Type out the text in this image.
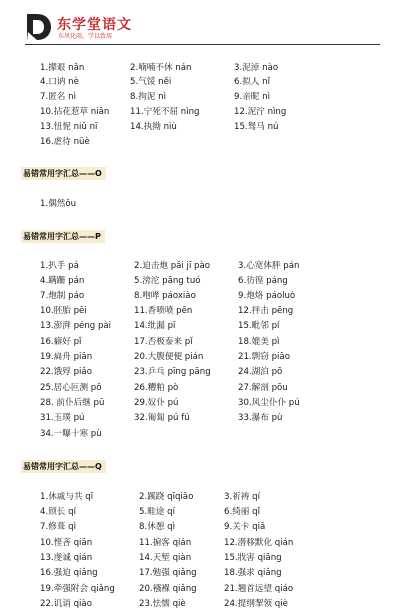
东学堂语文
东风化雨，学以致用
1.撵艰 nǎn	2.喃喃不休 nán	3.泥淖 nào
4.口讷 nè	5.气馁 něi	6.拟人 nǐ
7.匿名 nì	8.拘泥 nì	9.亲昵 nì
10.拈花惹草 niān 11.宁死不屈 nìng	12.泥泞 nìng
13.忸怩 niǔ nī	14.执拗 niù	15.驽马 nú
16.虐待 nüè
易错常用字汇总——O
1.偶然ǒu
易错常用字汇总——P
1.扒手 pá	2.迫击炮 pǎi jī pào	3.心宽体胖 pán
4.蹒跚 pán	5.滂沱 pāng tuó	6.彷徨 páng
7.炮制 páo	8.咆哮 páoxiào	9.炮烙 páoluò
10.胚胎 pēi	11.香喷喷 pēn	12.抨击 pēng
13.澎湃 péng pài	14.纰漏 pī	15.毗邻 pí
16.癖好 pǐ	17.否极泰来 pǐ	18.媲美 pì
19.扁舟 piān	20.大腹便便 pián	21.剽窃 piāo
22.饿殍 piǎo	23.乒乓 pīng pāng	24.湖泊 pō
25.居心叵测 pǒ	26.糟粕 pò	27.解剖 pōu
28. 前仆后继 pū	29.奴仆 pú	30.风尘仆仆 pú
31.玉璞 pú	32.匍匐 pú fú	33.瀑布 pù
34.一曝十寒 pù
易错常用字汇总——Q
1.休戚与共 qī	2.蹊跷 qīqiāo	3.祈祷 qí
4.颀长 qí	5.畦途 qí	6.绮丽 qǐ
7.修葺 qì	8.休憩 qì	9.关卡 qiǎ
10.悭吝 qiān	11.掮客 qián	12.潜移默化 qián
13.虔诚 qián	14.天堑 qiàn	15.戕害 qiāng
16.强迫 qiǎng	17.勉强 qiǎng	18.强求 qiǎng
19.牵强附会 qiǎng	20.襁褓 qiǎng	21.翘首远望 qiáo
22.讥诮 qiào	23.怯懦 qiè	24.提纲挈领 qiè
